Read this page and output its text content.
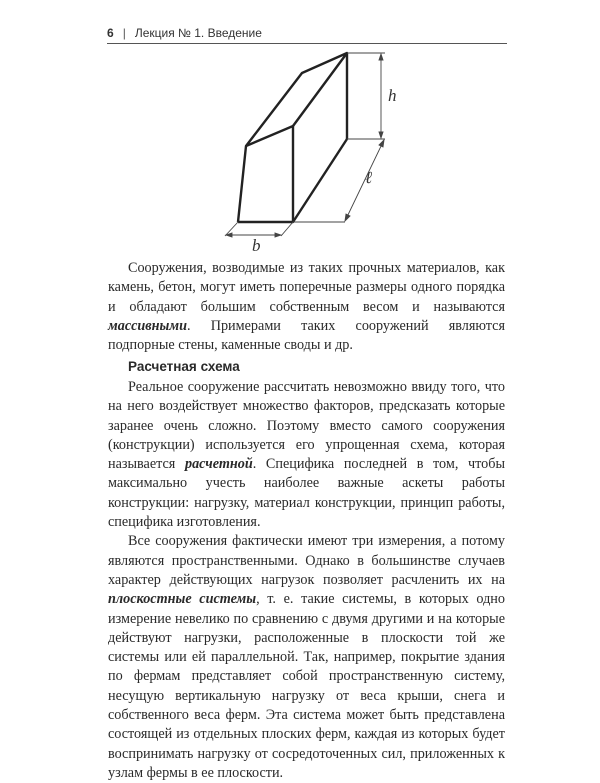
6 | Лекция № 1. Введение
h
ℓ
b

Сооружения, возводимые из таких прочных материалов, как камень, бетон, могут иметь поперечные размеры одного порядка и обладают большим собственным весом и называются массивными. Примерами таких сооружений являются подпорные стены, каменные своды и др.

Расчетная схема

Реальное сооружение рассчитать невозможно ввиду того, что на него воздействует множество факторов, предсказать которые заранее очень сложно. Поэтому вместо самого сооружения (конструкции) используется его упрощенная схема, которая называется расчетной. Специфика последней в том, чтобы максимально учесть наиболее важные аскеты работы конструкции: нагрузку, материал конструкции, принцип работы, специфика изготовления.

Все сооружения фактически имеют три измерения, а потому являются пространственными. Однако в большинстве случаев характер действующих нагрузок позволяет расчленить их на плоскостные системы, т. е. такие системы, в которых одно измерение невелико по сравнению с двумя другими и на которые действуют нагрузки, расположенные в плоскости той же системы или ей параллельной. Так, например, покрытие здания по фермам представляет собой пространственную систему, несущую вертикальную нагрузку от веса крыши, снега и собственного веса ферм. Эта система может быть представлена состоящей из отдельных плоских ферм, каждая из которых будет воспринимать нагрузку от сосредоточенных сил, приложенных к узлам фермы в ее плоскости.
